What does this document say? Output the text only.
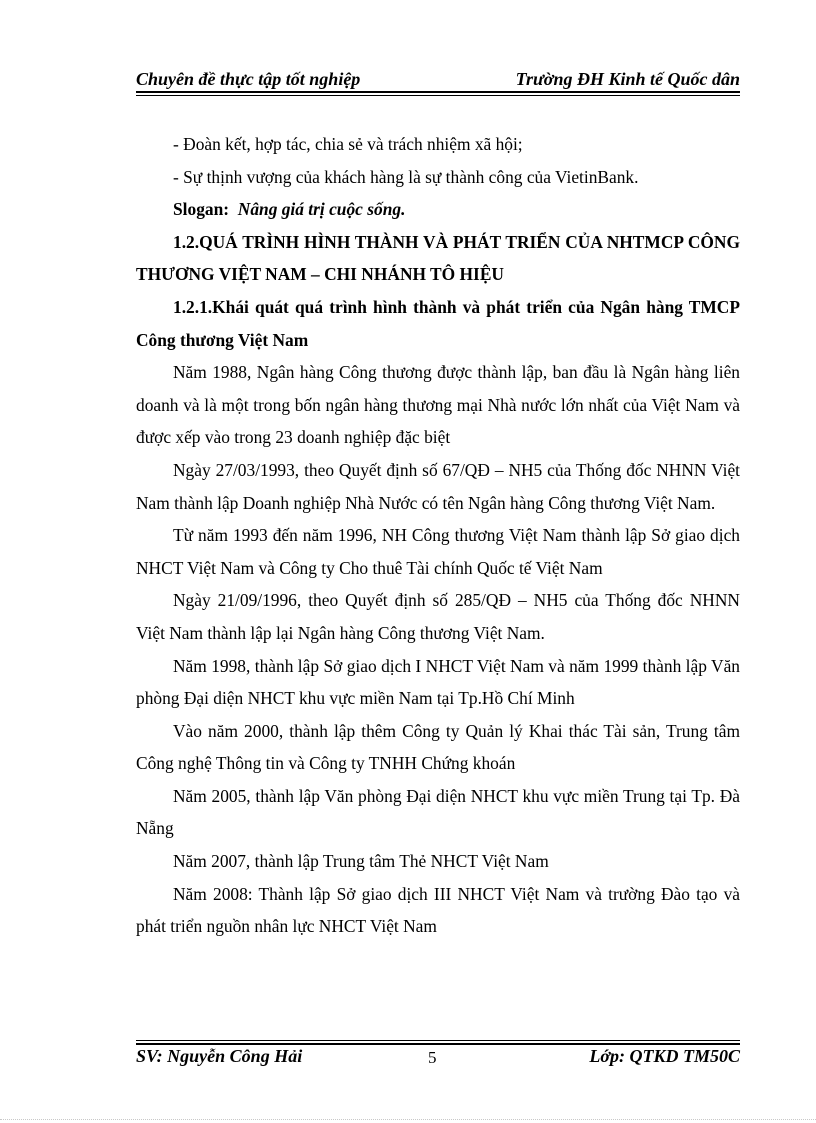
Chuyên đề thực tập tốt nghiệp	Trường ĐH Kinh tế Quốc dân

- Đoàn kết, hợp tác, chia sẻ và trách nhiệm xã hội;

- Sự thịnh vượng của khách hàng là sự thành công của VietinBank.

Slogan: Nâng giá trị cuộc sống.

1.2.QUÁ TRÌNH HÌNH THÀNH VÀ PHÁT TRIỂN CỦA NHTMCP CÔNG THƯƠNG VIỆT NAM – CHI NHÁNH TÔ HIỆU

1.2.1.Khái quát quá trình hình thành và phát triển của Ngân hàng TMCP Công thương Việt Nam

Năm 1988, Ngân hàng Công thương được thành lập, ban đầu là Ngân hàng liên doanh và là một trong bốn ngân hàng thương mại Nhà nước lớn nhất của Việt Nam và được xếp vào trong 23 doanh nghiệp đặc biệt

Ngày 27/03/1993, theo Quyết định số 67/QĐ – NH5 của Thống đốc NHNN Việt Nam thành lập Doanh nghiệp Nhà Nước có tên Ngân hàng Công thương Việt Nam.

Từ năm 1993 đến năm 1996, NH Công thương Việt Nam thành lập Sở giao dịch NHCT Việt Nam và Công ty Cho thuê Tài chính Quốc tế Việt Nam

Ngày 21/09/1996, theo Quyết định số 285/QĐ – NH5 của Thống đốc NHNN Việt Nam thành lập lại Ngân hàng Công thương Việt Nam.

Năm 1998, thành lập Sở giao dịch I NHCT Việt Nam và năm 1999 thành lập Văn phòng Đại diện NHCT khu vực miền Nam tại Tp.Hồ Chí Minh

Vào năm 2000, thành lập thêm Công ty Quản lý Khai thác Tài sản, Trung tâm Công nghệ Thông tin và Công ty TNHH Chứng khoán

Năm 2005, thành lập Văn phòng Đại diện NHCT khu vực miền Trung tại Tp. Đà Nẵng

Năm 2007, thành lập Trung tâm Thẻ NHCT Việt Nam

Năm 2008: Thành lập Sở giao dịch III NHCT Việt Nam và trường Đào tạo và phát triển nguồn nhân lực NHCT Việt Nam

SV: Nguyễn Công Hải	5	Lớp: QTKD TM50C
